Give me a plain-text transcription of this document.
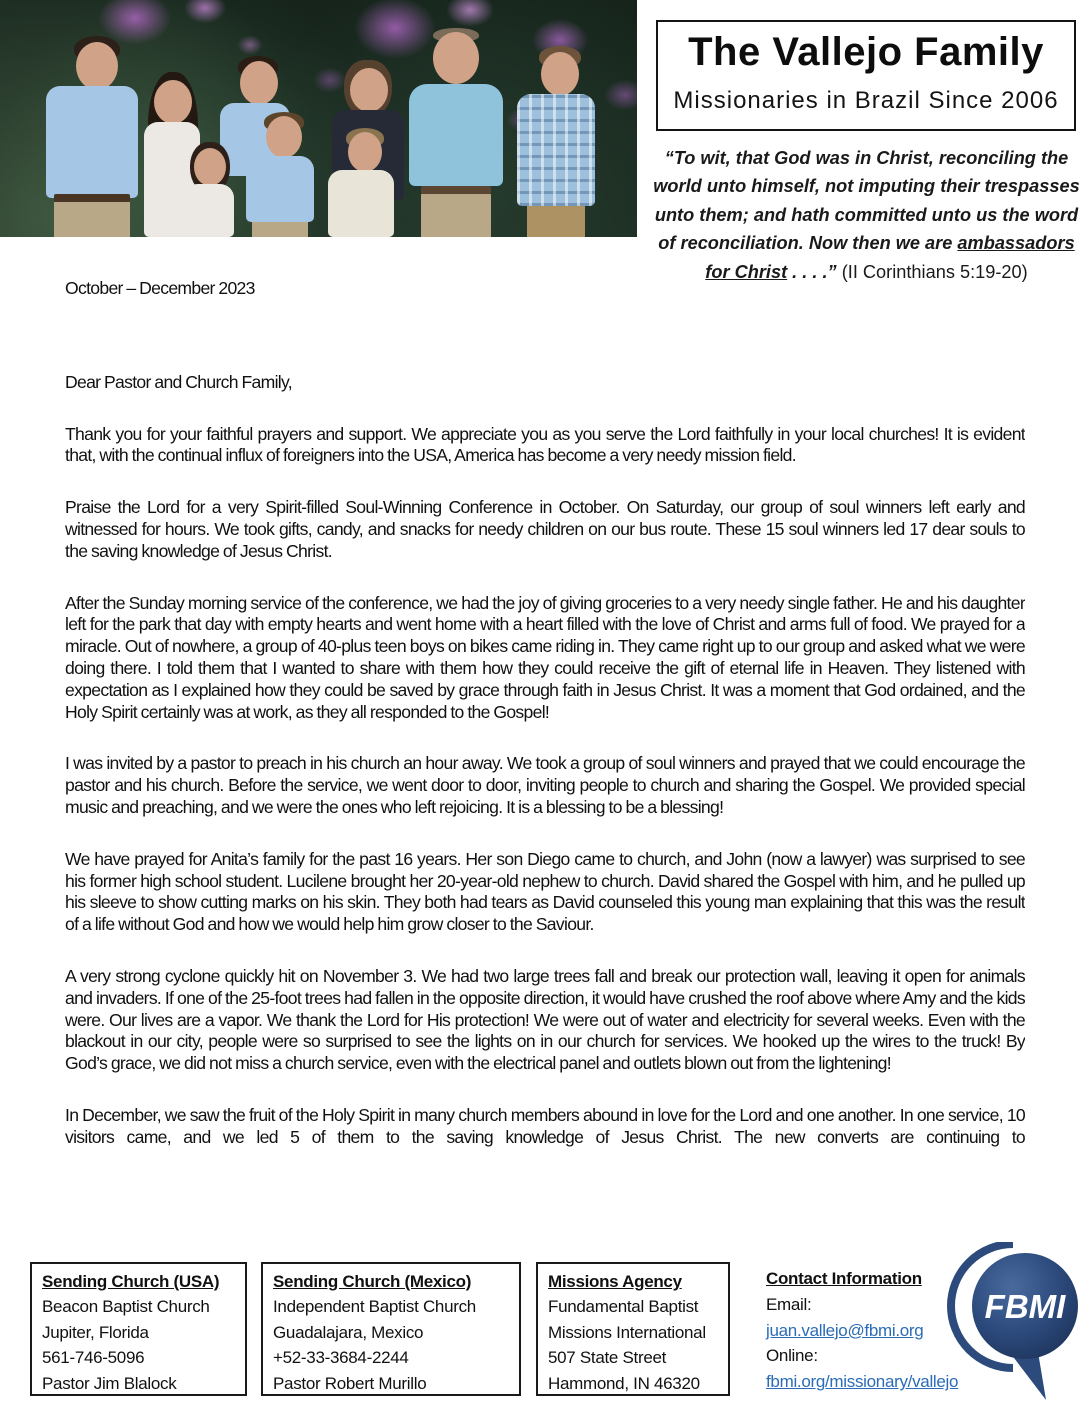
The Vallejo Family
Missionaries in Brazil Since 2006
“To wit, that God was in Christ, reconciling the world unto himself, not imputing their trespasses unto them; and hath committed unto us the word of reconciliation. Now then we are ambassadors for Christ . . . .” (II Corinthians 5:19-20)
October – December 2023
Dear Pastor and Church Family,

Thank you for your faithful prayers and support. We appreciate you as you serve the Lord faithfully in your local churches! It is evident that, with the continual influx of foreigners into the USA, America has become a very needy mission field.

Praise the Lord for a very Spirit-filled Soul-Winning Conference in October. On Saturday, our group of soul winners left early and witnessed for hours. We took gifts, candy, and snacks for needy children on our bus route. These 15 soul winners led 17 dear souls to the saving knowledge of Jesus Christ.

After the Sunday morning service of the conference, we had the joy of giving groceries to a very needy single father. He and his daughter left for the park that day with empty hearts and went home with a heart filled with the love of Christ and arms full of food. We prayed for a miracle. Out of nowhere, a group of 40-plus teen boys on bikes came riding in. They came right up to our group and asked what we were doing there. I told them that I wanted to share with them how they could receive the gift of eternal life in Heaven. They listened with expectation as I explained how they could be saved by grace through faith in Jesus Christ. It was a moment that God ordained, and the Holy Spirit certainly was at work, as they all responded to the Gospel!

I was invited by a pastor to preach in his church an hour away. We took a group of soul winners and prayed that we could encourage the pastor and his church. Before the service, we went door to door, inviting people to church and sharing the Gospel. We provided special music and preaching, and we were the ones who left rejoicing. It is a blessing to be a blessing!

We have prayed for Anita’s family for the past 16 years. Her son Diego came to church, and John (now a lawyer) was surprised to see his former high school student. Lucilene brought her 20-year-old nephew to church. David shared the Gospel with him, and he pulled up his sleeve to show cutting marks on his skin. They both had tears as David counseled this young man explaining that this was the result of a life without God and how we would help him grow closer to the Saviour.

A very strong cyclone quickly hit on November 3. We had two large trees fall and break our protection wall, leaving it open for animals and invaders. If one of the 25-foot trees had fallen in the opposite direction, it would have crushed the roof above where Amy and the kids were. Our lives are a vapor. We thank the Lord for His protection! We were out of water and electricity for several weeks. Even with the blackout in our city, people were so surprised to see the lights on in our church for services. We hooked up the wires to the truck! By God’s grace, we did not miss a church service, even with the electrical panel and outlets blown out from the lightening!

In December, we saw the fruit of the Holy Spirit in many church members abound in love for the Lord and one another. In one service, 10 visitors came, and we led 5 of them to the saving knowledge of Jesus Christ. The new converts are continuing to

Sending Church (USA)
Beacon Baptist Church
Jupiter, Florida
561-746-5096
Pastor Jim Blalock
Sending Church (Mexico)
Independent Baptist Church
Guadalajara, Mexico
+52-33-3684-2244
Pastor Robert Murillo
Missions Agency
Fundamental Baptist
Missions International
507 State Street
Hammond, IN 46320
Contact Information
Email:
juan.vallejo@fbmi.org
Online:
fbmi.org/missionary/vallejo
FBMI
